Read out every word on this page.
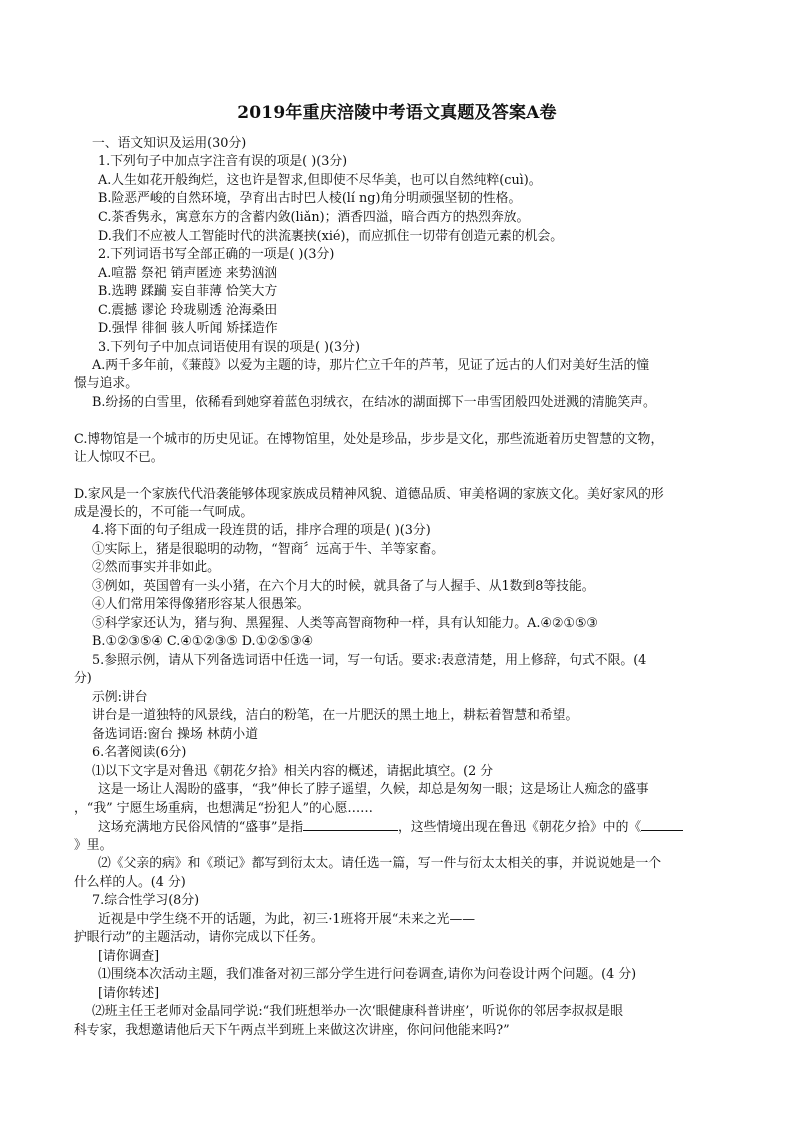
2019年重庆涪陵中考语文真题及答案A卷
一、语文知识及运用(30分)
1.下列句子中加点字注音有误的项是( )(3分)
A.人生如花开般绚烂，这也许是智求,但即使不尽华美，也可以自然纯粹(cuì)。
B.险恶严峻的自然环境，孕育出古时巴人棱(lí ng)角分明顽强坚韧的性格。
C.茶香隽永，寓意东方的含蓄内敛(liǎn)；酒香四溢，暗合西方的热烈奔放。
D.我们不应被人工智能时代的洪流裹挟(xié)，而应抓住一切带有创造元素的机会。
2.下列词语书写全部正确的一项是( )(3分)
A.喧嚣 祭祀 销声匿迹 来势汹汹
B.选聘 蹂躏 妄自菲薄 恰笑大方
C.震撼 谬论 玲珑剔透 沧海桑田
D.强悍 徘徊 骇人听闻 矫揉造作
3.下列句子中加点词语使用有误的项是( )(3分)
A.两千多年前，《蒹葭》以爱为主题的诗，那片伫立千年的芦苇，见证了远古的人们对美好生活的憧
憬与追求。
B.纷扬的白雪里，依稀看到她穿着蓝色羽绒衣，在结冰的湖面掷下一串雪团般四处迸溅的清脆笑声。
C.博物馆是一个城市的历史见证。在博物馆里，处处是珍品，步步是文化，那些流逝着历史智慧的文物，
让人惊叹不已。
D.家风是一个家族代代沿袭能够体现家族成员精神风貌、道德品质、审美格调的家族文化。美好家风的形
成是漫长的，不可能一气呵成。
4.将下面的句子组成一段连贯的话，排序合理的项是( )(3分)
①实际上，猪是很聪明的动物，“智商〞远高于牛、羊等家畜。
②然而事实并非如此。
③例如，英国曾有一头小猪，在六个月大的时候，就具备了与人握手、从1数到8等技能。
④人们常用笨得像猪形容某人很愚笨。
⑤科学家还认为，猪与狗、黑猩猩、人类等高智商物种一样，具有认知能力。A.④②①⑤③
B.①②③⑤④ C.④①②③⑤ D.①②⑤③④
5.参照示例，请从下列备选词语中任选一词，写一句话。要求:表意清楚，用上修辞，句式不限。(4
分)
示例:讲台
讲台是一道独特的风景线，洁白的粉笔，在一片肥沃的黑土地上，耕耘着智慧和希望。
备选词语:窗台 操场 林荫小道
6.名著阅读(6分)
⑴以下文字是对鲁迅《朝花夕拾》相关内容的概述，请据此填空。(2 分
这是一场让人渴盼的盛事，“我”伸长了脖子遥望，久候，却总是匆匆一眼；这是场让人痴念的盛事
，“我” 宁愿生场重病，也想满足“扮犯人”的心愿……
这场充满地方民俗风情的“盛事”是指	，这些情境出现在鲁迅《朝花夕拾》中的《
》里。
⑵《父亲的病》和《琐记》都写到衍太太。请任选一篇，写一件与衍太太相关的事，并说说她是一个
什么样的人。(4 分)
7.综合性学习(8分)
近视是中学生绕不开的话题，为此，初三·1班将开展“未来之光——
护眼行动”的主题活动，请你完成以下任务。
[请你调查]
⑴围绕本次活动主题，我们准备对初三部分学生进行问卷调查,请你为问卷设计两个问题。(4 分)
[请你转述]
⑵班主任王老师对金晶同学说:“我们班想举办一次‘眼健康科普讲座’，听说你的邻居李叔叔是眼
科专家，我想邀请他后天下午两点半到班上来做这次讲座，你问问他能来吗?”
